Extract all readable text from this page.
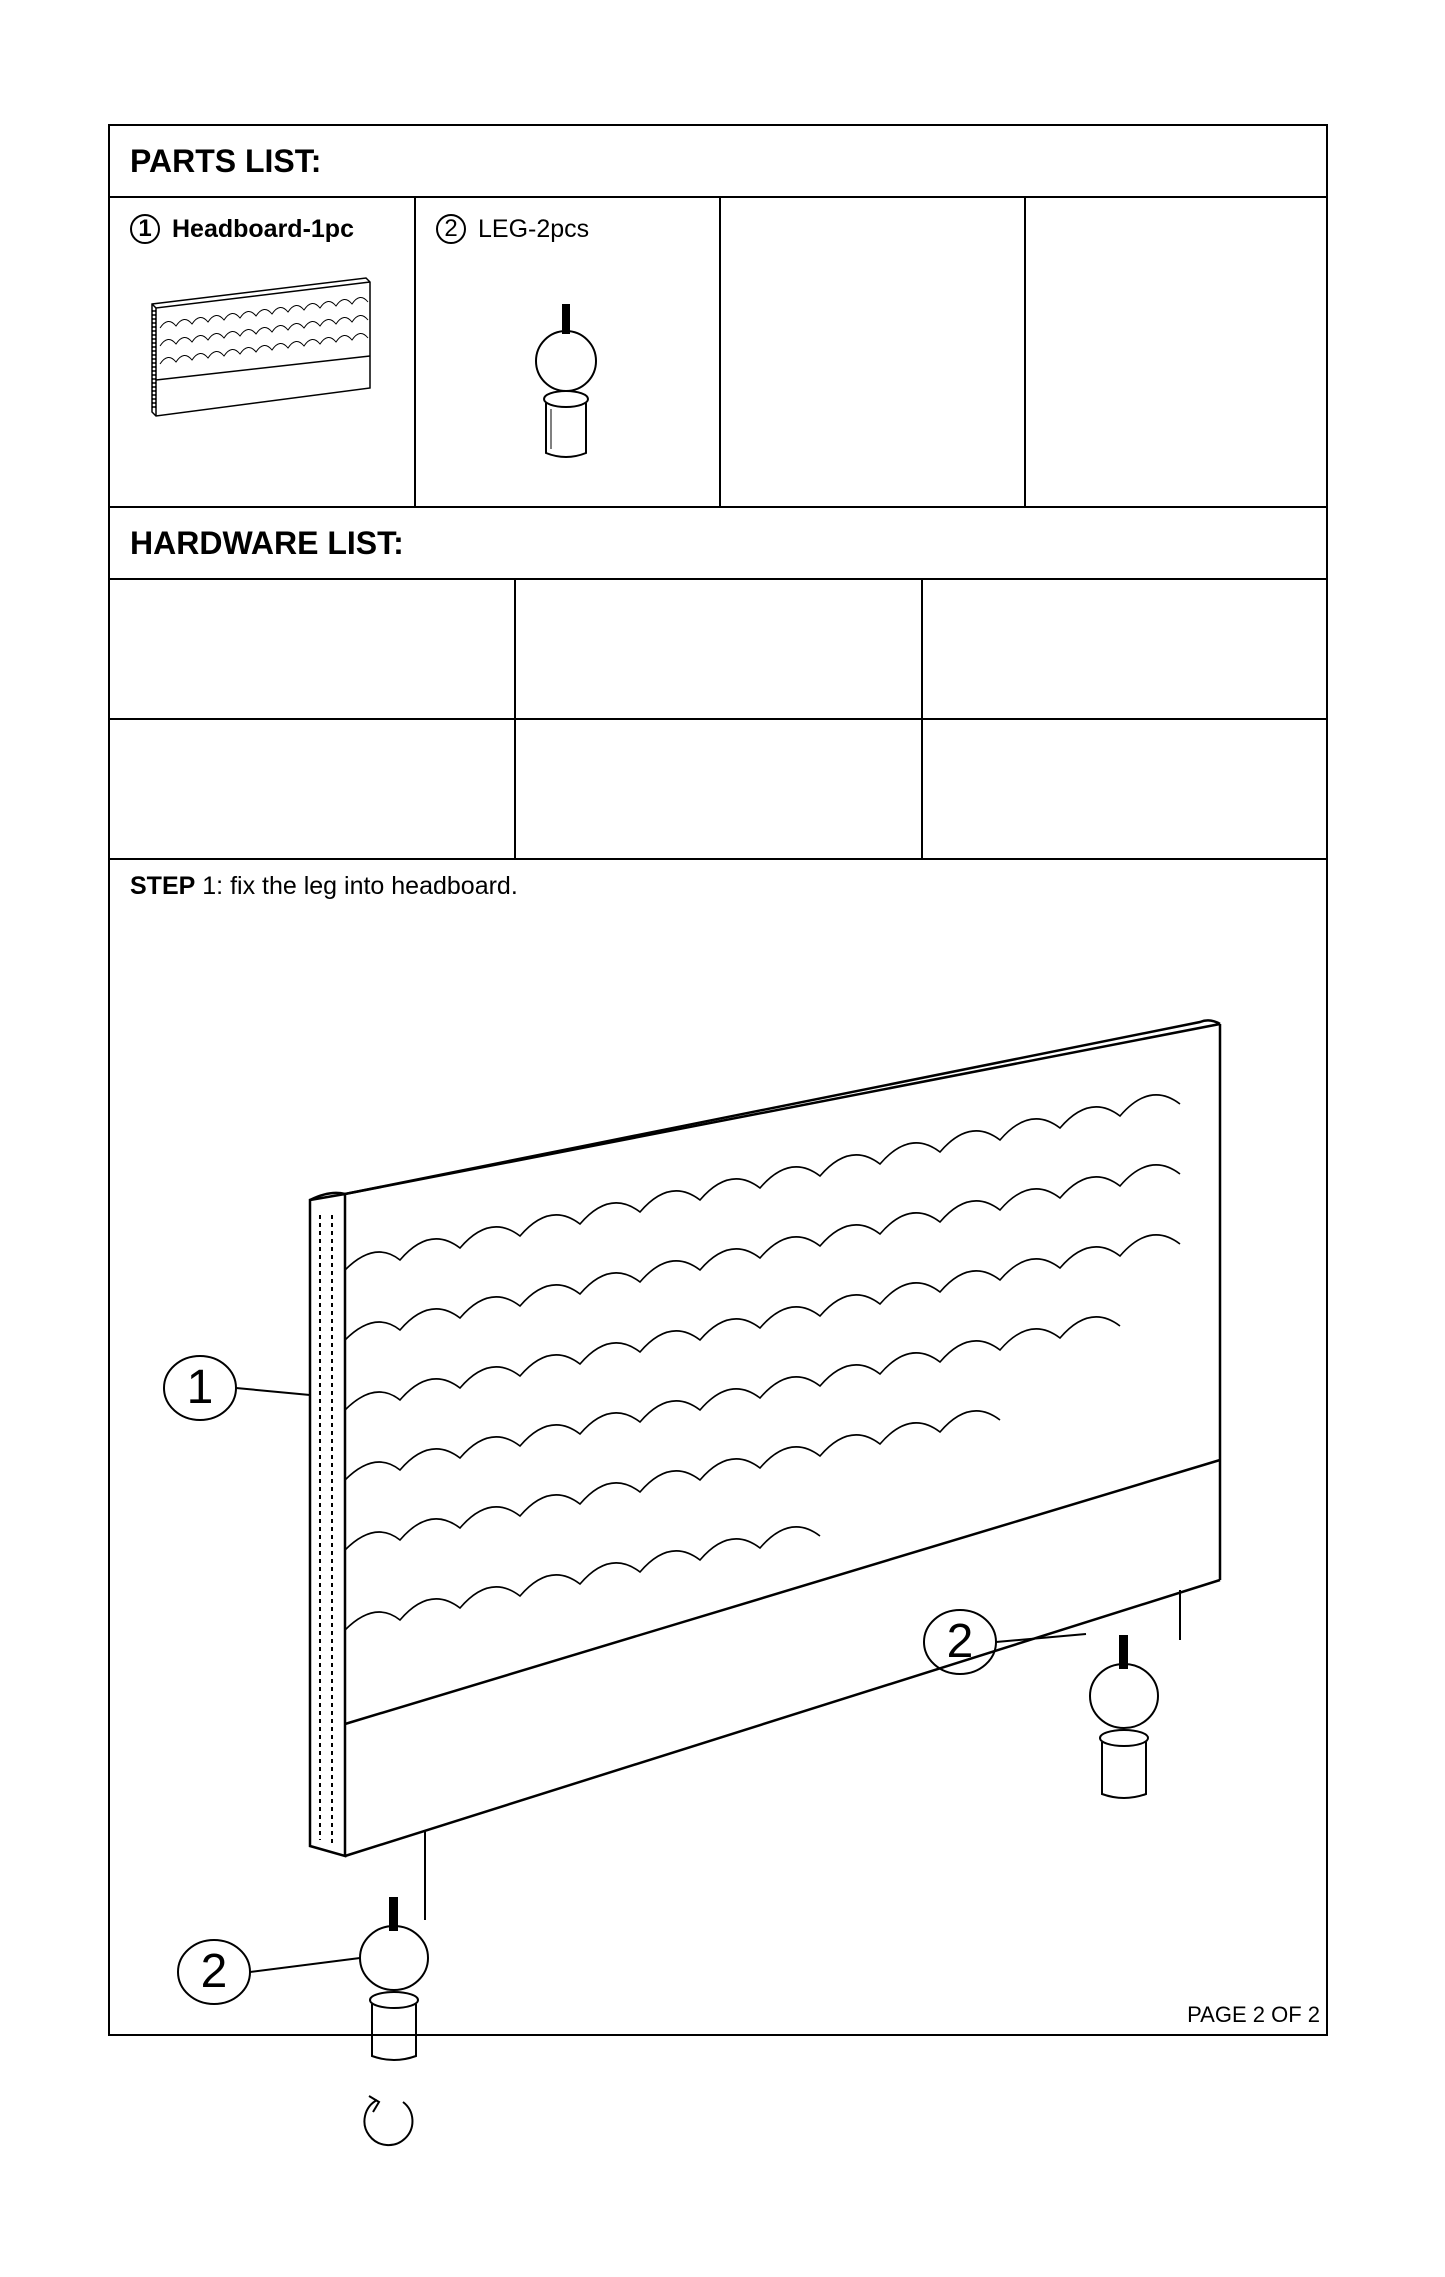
PARTS LIST:
1 Headboard-1pc	2 LEG-2pcs
HARDWARE LIST:
STEP 1: fix the leg into headboard.
1
2
2
PAGE 2 OF 2
